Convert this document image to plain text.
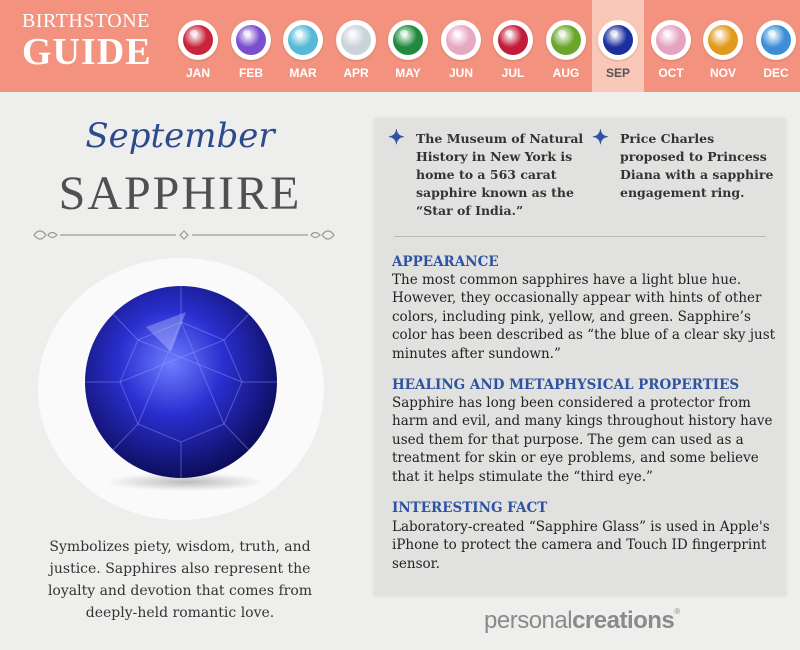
BIRTHSTONE
GUIDE	JAN	FEB	MAR	APR	MAY	JUN	JUL	AUG	SEP	OCT	NOV	DEC
September
SAPPHIRE
Symbolizes piety, wisdom, truth, and justice. Sapphires also represent the loyalty and devotion that comes from deeply-held romantic love.
✦ The Museum of Natural History in New York is home to a 563 carat sapphire known as the “Star of India.”
✦ Price Charles proposed to Princess Diana with a sapphire engagement ring.
APPEARANCE
The most common sapphires have a light blue hue. However, they occasionally appear with hints of other colors, including pink, yellow, and green. Sapphire’s color has been described as “the blue of a clear sky just minutes after sundown.”
HEALING AND METAPHYSICAL PROPERTIES
Sapphire has long been considered a protector from harm and evil, and many kings throughout history have used them for that purpose. The gem can used as a treatment for skin or eye problems, and some believe that it helps stimulate the “third eye.”
INTERESTING FACT
Laboratory-created “Sapphire Glass” is used in Apple's iPhone to protect the camera and Touch ID fingerprint sensor.
personalcreations®
